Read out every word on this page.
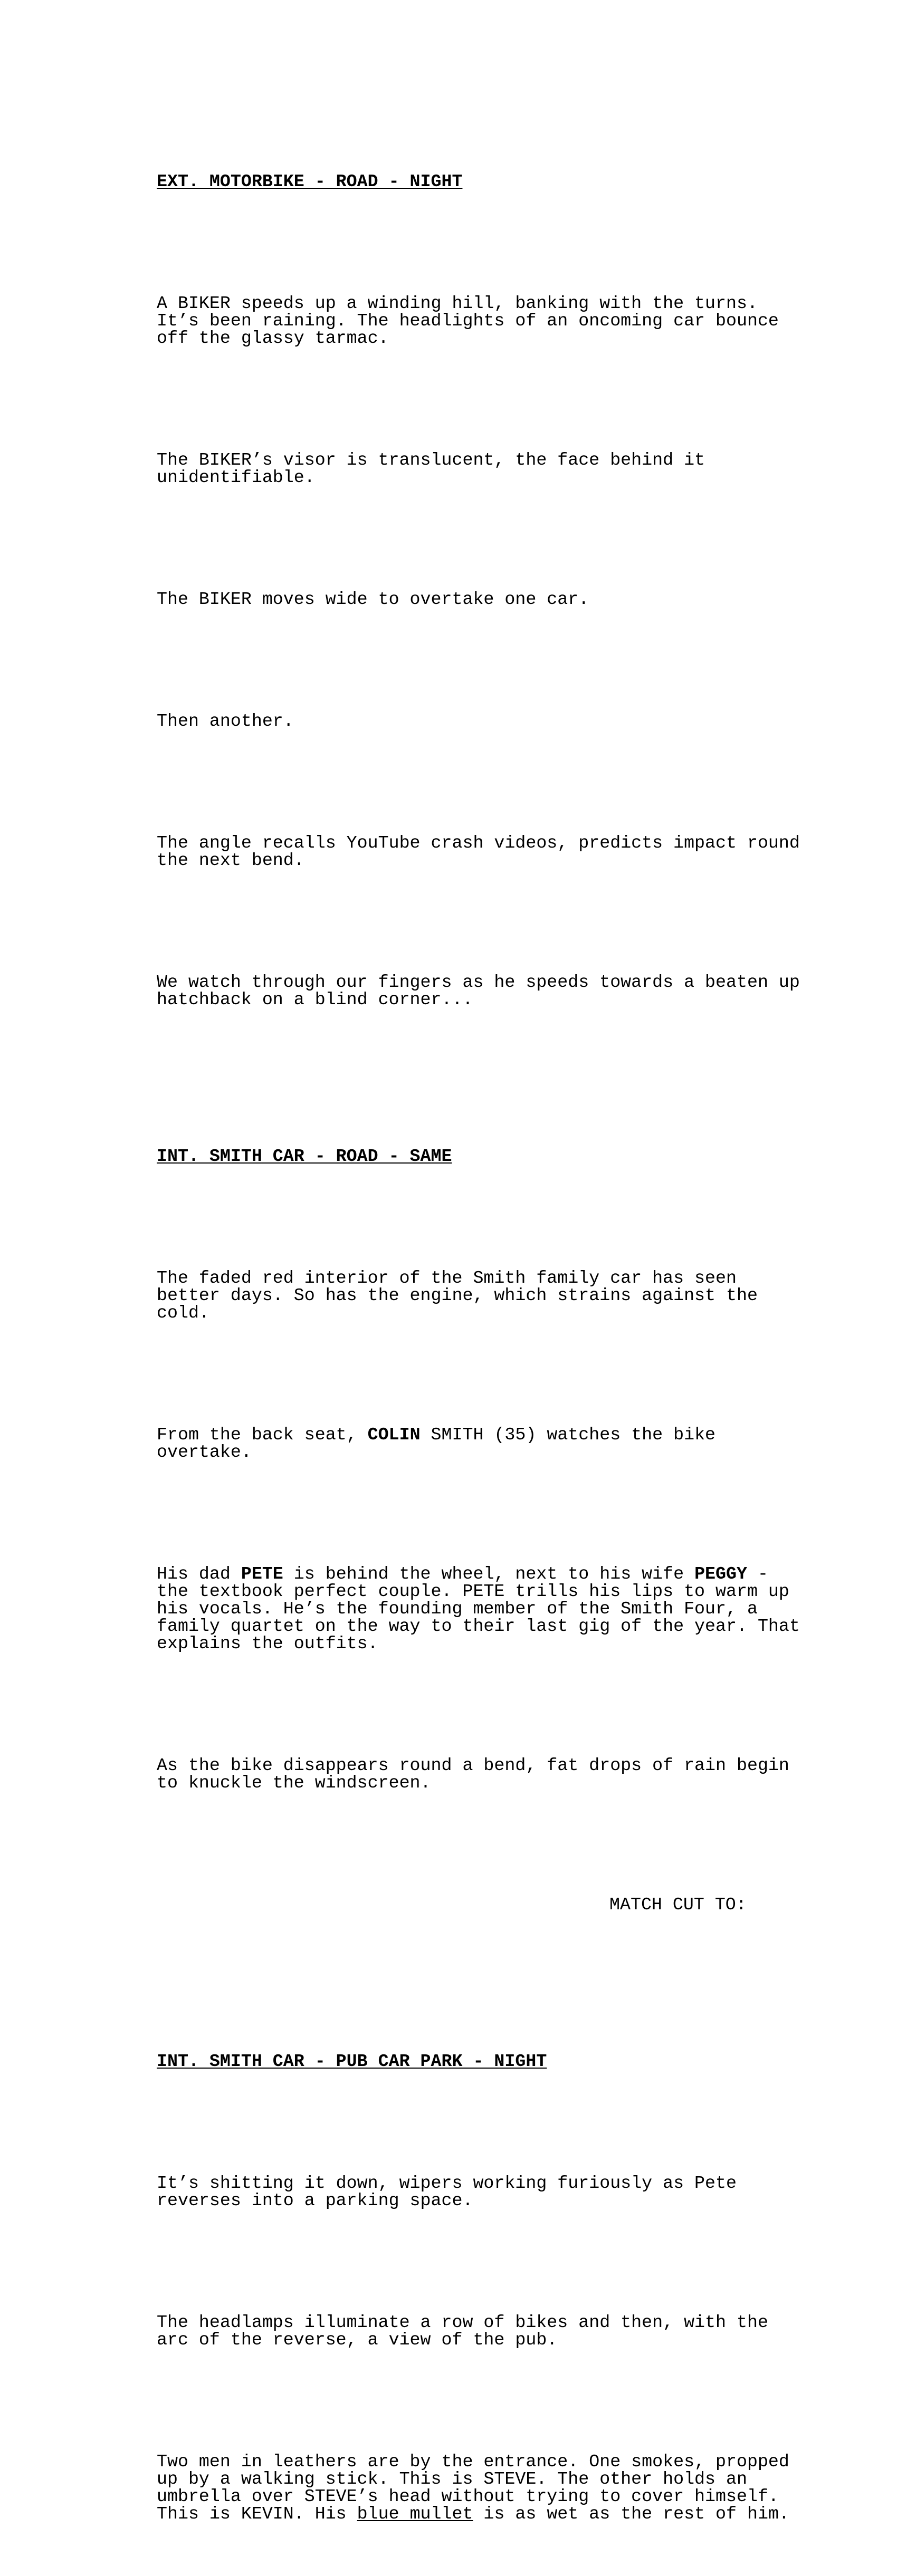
EXT. MOTORBIKE - ROAD - NIGHT

A BIKER speeds up a winding hill, banking with the turns.
It’s been raining. The headlights of an oncoming car bounce
off the glassy tarmac.

The BIKER’s visor is translucent, the face behind it
unidentifiable.

The BIKER moves wide to overtake one car.

Then another.

The angle recalls YouTube crash videos, predicts impact round
the next bend.

We watch through our fingers as he speeds towards a beaten up
hatchback on a blind corner...

INT. SMITH CAR - ROAD - SAME

The faded red interior of the Smith family car has seen
better days. So has the engine, which strains against the
cold.

From the back seat, COLIN SMITH (35) watches the bike
overtake.

His dad PETE is behind the wheel, next to his wife PEGGY -
the textbook perfect couple. PETE trills his lips to warm up
his vocals. He’s the founding member of the Smith Four, a
family quartet on the way to their last gig of the year. That
explains the outfits.

As the bike disappears round a bend, fat drops of rain begin
to knuckle the windscreen.

MATCH CUT TO:

INT. SMITH CAR - PUB CAR PARK - NIGHT

It’s shitting it down, wipers working furiously as Pete
reverses into a parking space.

The headlamps illuminate a row of bikes and then, with the
arc of the reverse, a view of the pub.

Two men in leathers are by the entrance. One smokes, propped
up by a walking stick. This is STEVE. The other holds an
umbrella over STEVE’s head without trying to cover himself.
This is KEVIN. His blue mullet is as wet as the rest of him.
